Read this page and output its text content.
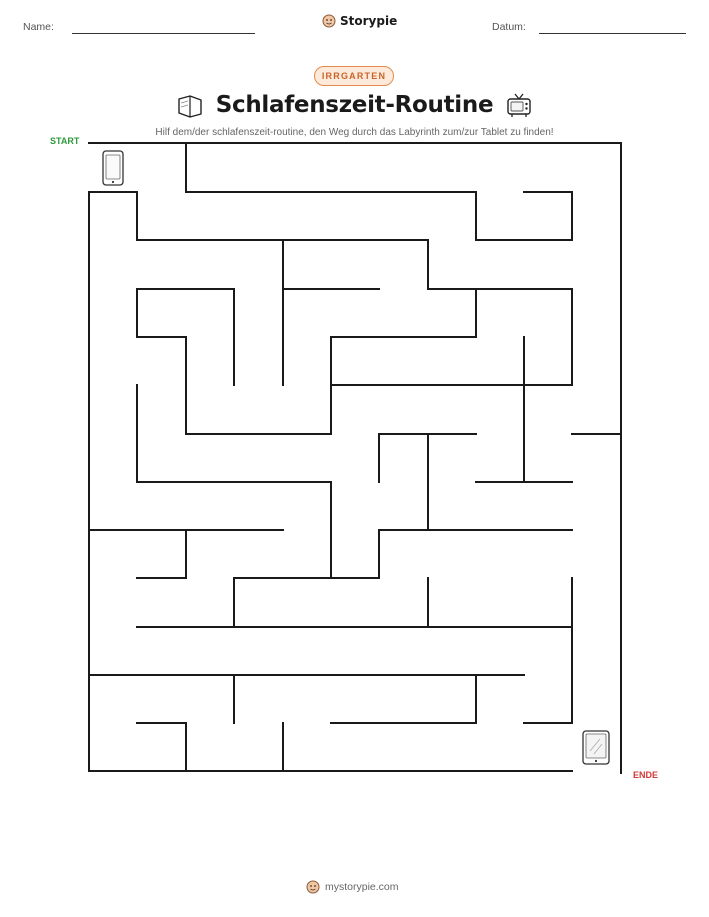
Name:	Storypie	Datum:
IRRGARTEN
Schlafenszeit-Routine
Hilf dem/der schlafenszeit-routine, den Weg durch das Labyrinth zum/zur Tablet zu finden!
START
ENDE
mystorypie.com
